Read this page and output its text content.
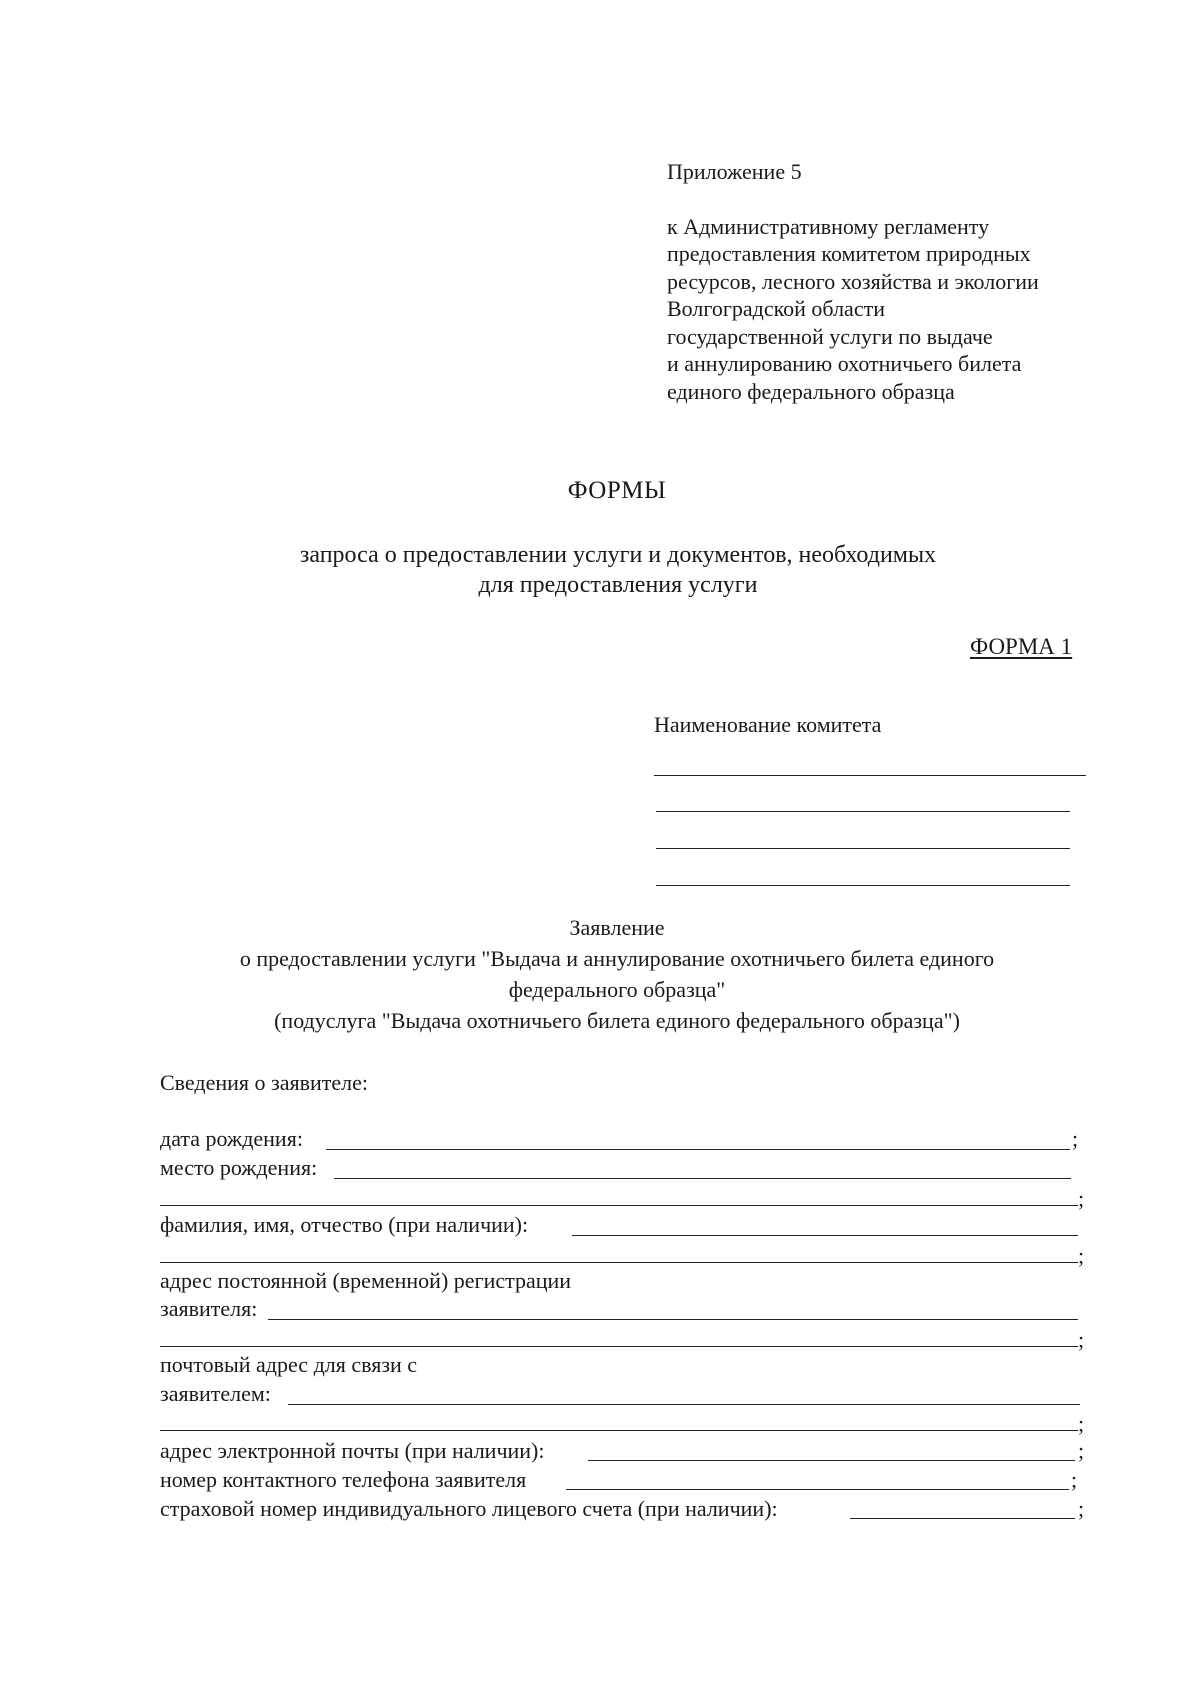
Приложение 5
к Административному регламенту
предоставления комитетом природных
ресурсов, лесного хозяйства и экологии
Волгоградской области
государственной услуги по выдаче
и аннулированию охотничьего билета
единого федерального образца
ФОРМЫ
запроса о предоставлении услуги и документов, необходимых
для предоставления услуги
ФОРМА 1
Наименование комитета
Заявление
о предоставлении услуги "Выдача и аннулирование охотничьего билета единого
федерального образца"
(подуслуга "Выдача охотничьего билета единого федерального образца")
Сведения о заявителе:
дата рождения:	;
место рождения:
;
фамилия, имя, отчество (при наличии):
;
адрес постоянной (временной) регистрации
заявителя:
;
почтовый адрес для связи с
заявителем:
;
адрес электронной почты (при наличии):	;
номер контактного телефона заявителя	;
страховой номер индивидуального лицевого счета (при наличии):	;
